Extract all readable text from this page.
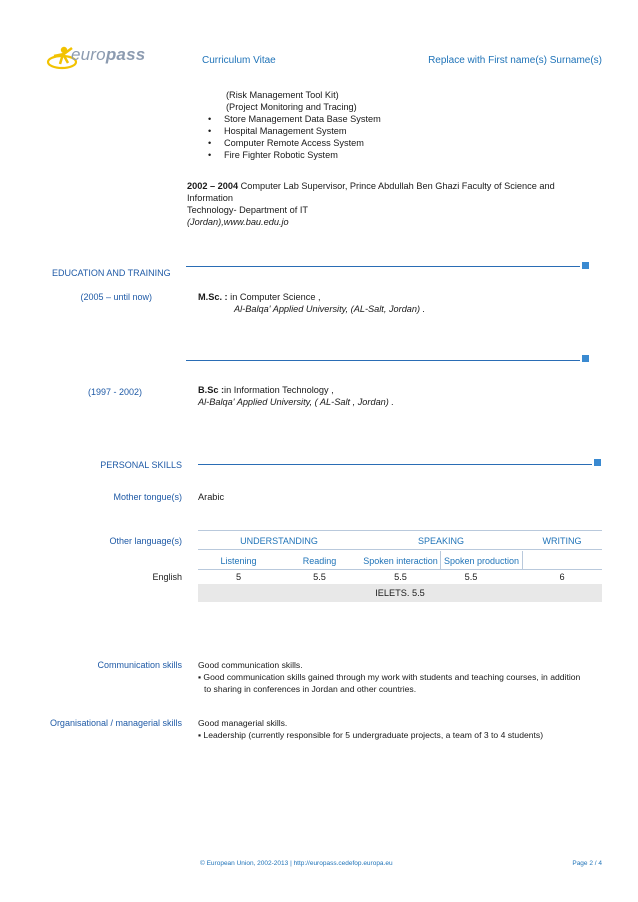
europass	Curriculum Vitae	Replace with First name(s) Surname(s)
(Risk Management Tool Kit)
(Project Monitoring and Tracing)
• Store Management Data Base System
• Hospital Management System
• Computer Remote Access System
• Fire Fighter Robotic System
2002 – 2004 Computer Lab Supervisor, Prince Abdullah Ben Ghazi Faculty of Science and
Information
Technology- Department of IT
(Jordan),www.bau.edu.jo
EDUCATION AND TRAINING
(2005 – until now)	M.Sc. : in Computer Science ,
Al-Balqa' Applied University, (AL-Salt, Jordan) .
(1997 - 2002)	B.Sc :in Information Technology ,
Al-Balqa' Applied University, ( AL-Salt , Jordan) .
PERSONAL SKILLS
Mother tongue(s) Arabic
Other language(s)	UNDERSTANDING	SPEAKING	WRITING
Listening	Reading	Spoken interaction Spoken production
English	5	5.5	5.5	5.5	6
IELETS. 5.5
Communication skills Good communication skills.
▪ Good communication skills gained through my work with students and teaching courses, in addition
to sharing in conferences in Jordan and other countries.
Organisational / managerial skills Good managerial skills.
▪ Leadership (currently responsible for 5 undergraduate projects, a team of 3 to 4 students)
© European Union, 2002-2013 | http://europass.cedefop.europa.eu	Page 2 / 4
